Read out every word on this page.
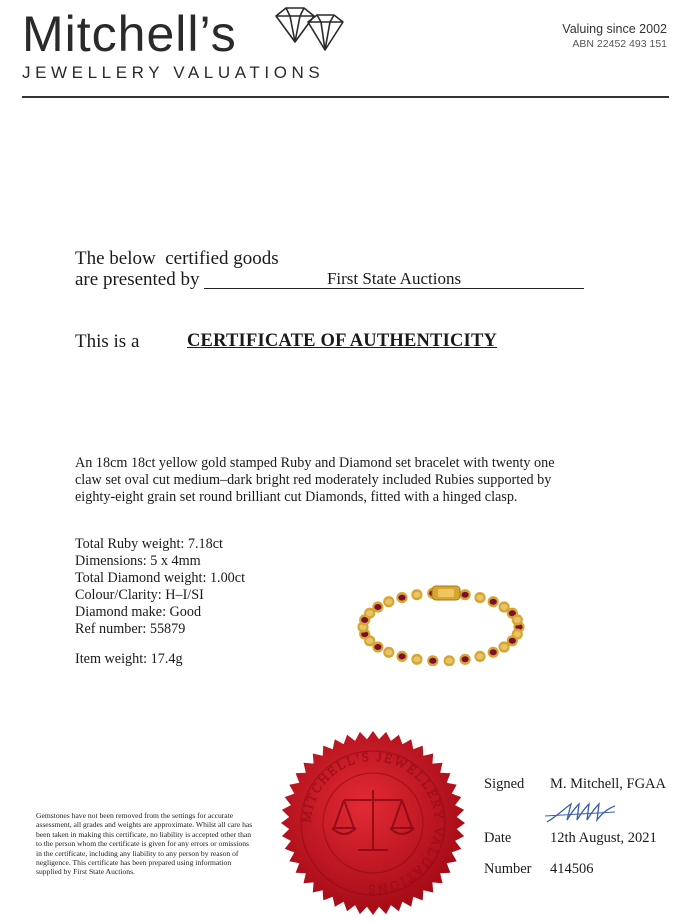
Mitchell’s
JEWELLERY VALUATIONS
Valuing since 2002
ABN 22452 493 151
The below  certified goods
are presented by	First State Auctions
This is a	CERTIFICATE OF AUTHENTICITY
An 18cm 18ct yellow gold stamped Ruby and Diamond set bracelet with twenty one claw set oval cut medium–dark bright red moderately included Rubies supported by eighty-eight grain set round brilliant cut Diamonds, fitted with a hinged clasp.
Total Ruby weight: 7.18ct
Dimensions: 5 x 4mm
Total Diamond weight: 1.00ct
Colour/Clarity: H–I/SI
Diamond make: Good
Ref number: 55879
Item weight: 17.4g
MITCHELL'S JEWELLERY VALUATIONS
Gemstones have not been removed from the settings for accurate assessment, all grades and weights are approximate. Whilst all care has been taken in making this certificate, no liability is accepted other than to the person whom the certificate is given for any errors or omissions in the certificate, including any liability to any person by reason of negligence. This certificate has been prepared using information supplied by First State Auctions.
Signed M. Mitchell, FGAA
Date	12th August, 2021
Number 414506
